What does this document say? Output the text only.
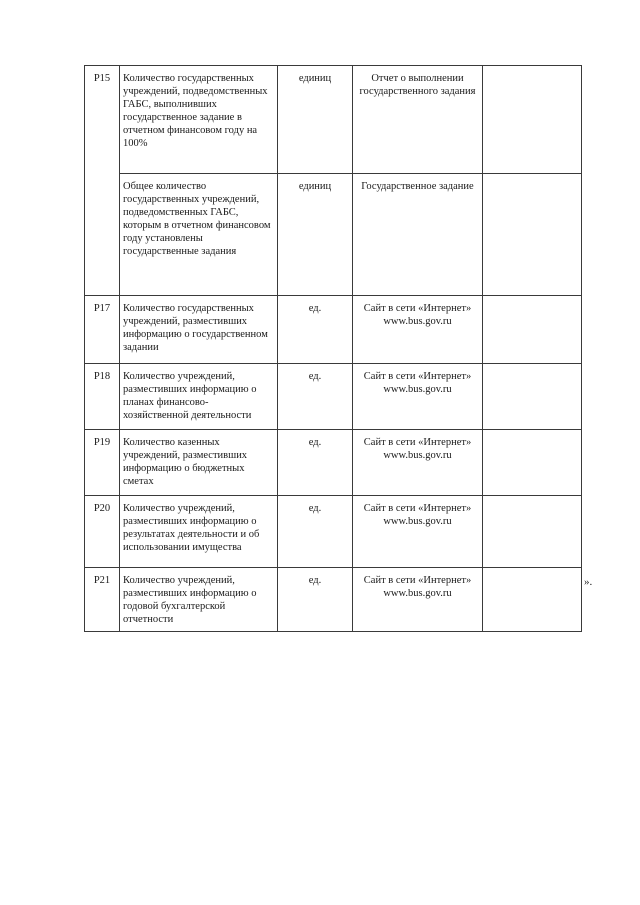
Р15	Количество государственных учреждений, подведомственных ГАБС, выполнивших государственное задание в отчетном финансовом году на 100%	единиц	Отчет о выполнении государственного задания	
	Общее количество государственных учреждений, подведомственных ГАБС, которым в отчетном финансовом году установлены государственные задания	единиц	Государственное задание	
Р17	Количество государственных учреждений, разместивших информацию о государственном задании	ед.	Сайт в сети «Интернет» www.bus.gov.ru	
Р18	Количество учреждений, разместивших информацию о планах финансово-хозяйственной деятельности	ед.	Сайт в сети «Интернет» www.bus.gov.ru	
Р19	Количество казенных учреждений, разместивших информацию о бюджетных сметах	ед.	Сайт в сети «Интернет» www.bus.gov.ru	
Р20	Количество учреждений, разместивших информацию о результатах деятельности и об использовании имущества	ед.	Сайт в сети «Интернет» www.bus.gov.ru	
Р21	Количество учреждений, разместивших информацию о годовой бухгалтерской отчетности	ед.	Сайт в сети «Интернет» www.bus.gov.ru	
».
